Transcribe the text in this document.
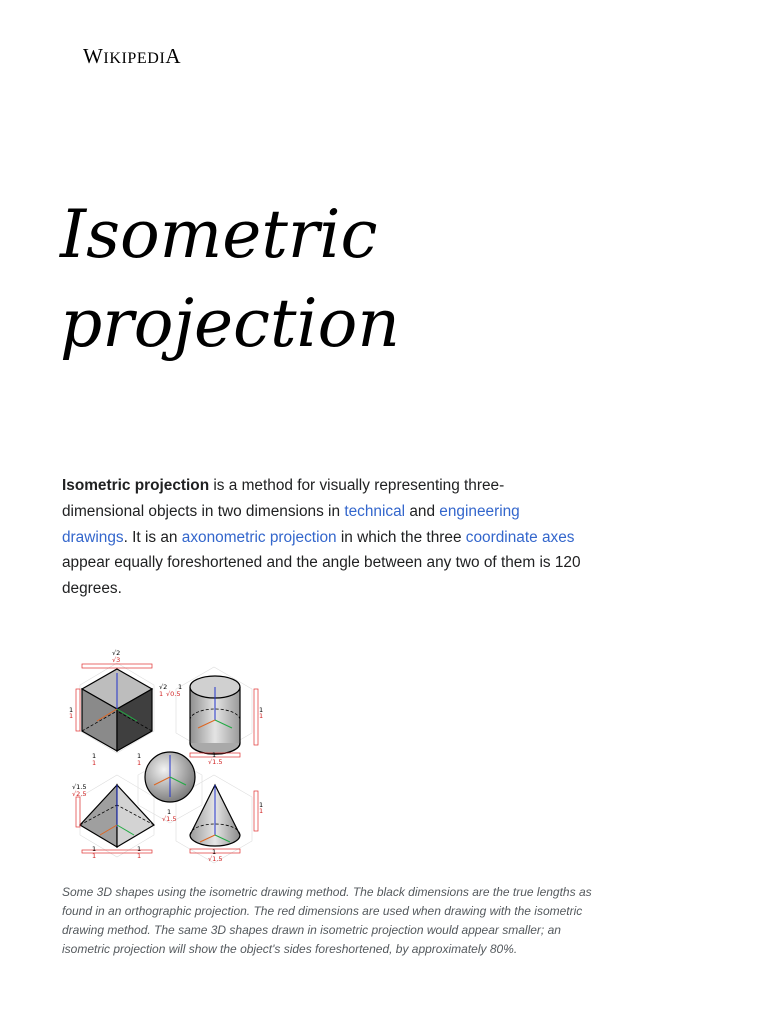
WIKIPEDIA
Isometric
projection

Isometric projection is a method for visually representing three-dimensional objects in two dimensions in technical and engineering drawings. It is an axonometric projection in which the three coordinate axes appear equally foreshortened and the angle between any two of them is 120 degrees.

√2
√3
√2 1
1 √0.5
1
1
1
1
1
1
1
1
1
√1.5
√1.5
√2.5
1
1
1
√1.5
1
1
1
1	1
√1.5

Some 3D shapes using the isometric drawing method. The black dimensions are the true lengths as found in an orthographic projection. The red dimensions are used when drawing with the isometric drawing method. The same 3D shapes drawn in isometric projection would appear smaller; an isometric projection will show the object's sides foreshortened, by approximately 80%.
